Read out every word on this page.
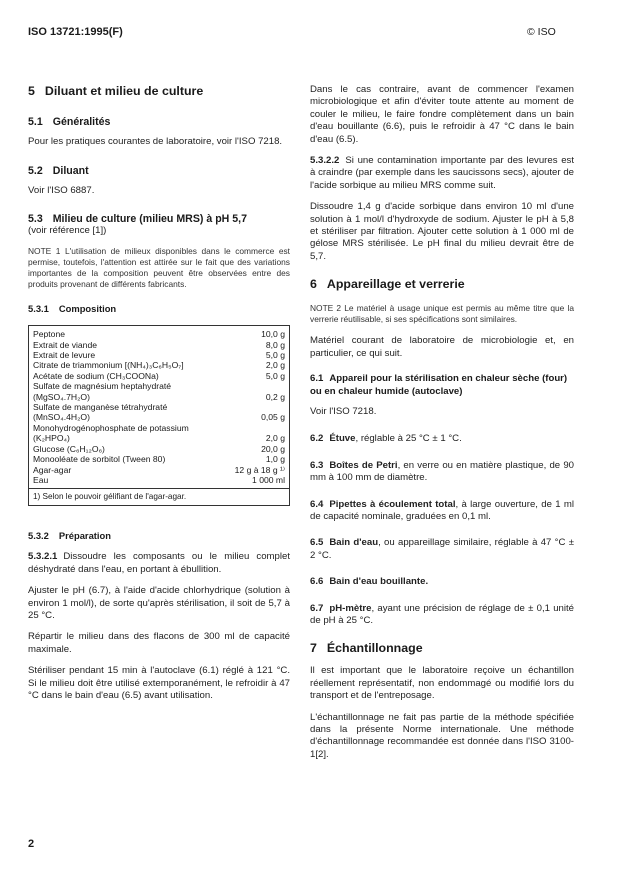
ISO 13721:1995(F)	© ISO
5 Diluant et milieu de culture
5.1 Généralités
Pour les pratiques courantes de laboratoire, voir l'ISO 7218.
5.2 Diluant
Voir l'ISO 6887.
5.3 Milieu de culture (milieu MRS) à pH 5,7
(voir référence [1])
NOTE 1 L'utilisation de milieux disponibles dans le commerce est permise, toutefois, l'attention est attirée sur le fait que des variations importantes de la composition peuvent être observées entre des produits provenant de différents fabricants.
5.3.1 Composition
Peptone	10,0 g
Extrait de viande	8,0 g
Extrait de levure	5,0 g
Citrate de triammonium [(NH₄)₃C₆H₅O₇]	2,0 g
Acétate de sodium (CH₃COONa)	5,0 g
Sulfate de magnésium heptahydraté	
(MgSO₄.7H₂O)	0,2 g
Sulfate de manganèse tétrahydraté	
(MnSO₄.4H₂O)	0,05 g
Monohydrogénophosphate de potassium	
(K₂HPO₄)	2,0 g
Glucose (C₆H₁₂O₆)	20,0 g
Monooléate de sorbitol (Tween 80)	1,0 g
Agar-agar	12 g à 18 g ¹⁾
Eau	1 000 ml
1) Selon le pouvoir gélifiant de l'agar-agar.
5.3.2 Préparation
5.3.2.1 Dissoudre les composants ou le milieu complet déshydraté dans l'eau, en portant à ébullition.
Ajuster le pH (6.7), à l'aide d'acide chlorhydrique (solution à environ 1 mol/l), de sorte qu'après stérilisation, il soit de 5,7 à 25 °C.
Répartir le milieu dans des flacons de 300 ml de capacité maximale.
Stériliser pendant 15 min à l'autoclave (6.1) réglé à 121 °C. Si le milieu doit être utilisé extemporanément, le refroidir à 47 °C dans le bain d'eau (6.5) avant utilisation.
Dans le cas contraire, avant de commencer l'examen microbiologique et afin d'éviter toute attente au moment de couler le milieu, le faire fondre complètement dans un bain d'eau bouillante (6.6), puis le refroidir à 47 °C dans le bain d'eau (6.5).
5.3.2.2 Si une contamination importante par des levures est à craindre (par exemple dans les saucissons secs), ajouter de l'acide sorbique au milieu MRS comme suit.
Dissoudre 1,4 g d'acide sorbique dans environ 10 ml d'une solution à 1 mol/l d'hydroxyde de sodium. Ajuster le pH à 5,8 et stériliser par filtration. Ajouter cette solution à 1 000 ml de gélose MRS stérilisée. Le pH final du milieu devrait être de 5,7.
6 Appareillage et verrerie
NOTE 2 Le matériel à usage unique est permis au même titre que la verrerie réutilisable, si ses spécifications sont similaires.
Matériel courant de laboratoire de microbiologie et, en particulier, ce qui suit.
6.1 Appareil pour la stérilisation en chaleur sèche (four) ou en chaleur humide (autoclave)
Voir l'ISO 7218.
6.2 Étuve, réglable à 25 °C ± 1 °C.
6.3 Boîtes de Petri, en verre ou en matière plastique, de 90 mm à 100 mm de diamètre.
6.4 Pipettes à écoulement total, à large ouverture, de 1 ml de capacité nominale, graduées en 0,1 ml.
6.5 Bain d'eau, ou appareillage similaire, réglable à 47 °C ± 2 °C.
6.6 Bain d'eau bouillante.
6.7 pH-mètre, ayant une précision de réglage de ± 0,1 unité de pH à 25 °C.
7 Échantillonnage
Il est important que le laboratoire reçoive un échantillon réellement représentatif, non endommagé ou modifié lors du transport et de l'entreposage.
L'échantillonnage ne fait pas partie de la méthode spécifiée dans la présente Norme internationale. Une méthode d'échantillonnage recommandée est donnée dans l'ISO 3100-1[2].
2
